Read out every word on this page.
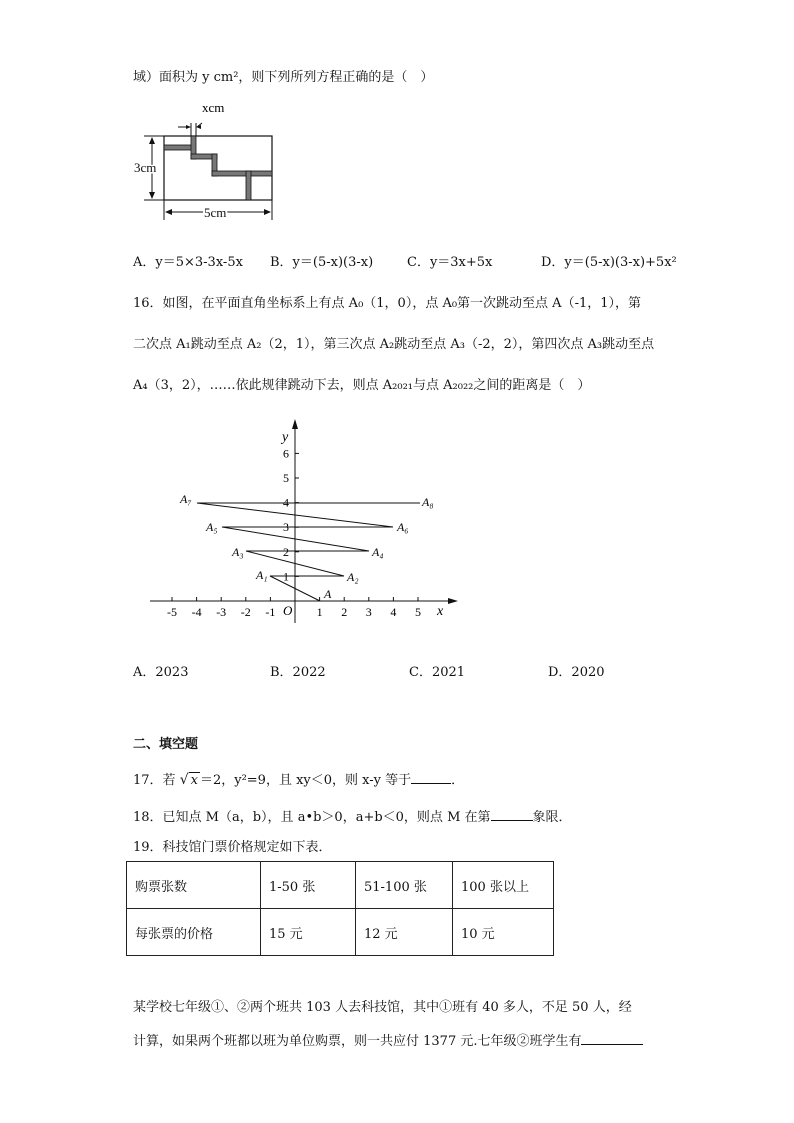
域）面积为 y cm²，则下列所列方程正确的是（　）
xcm
3cm
5cm
A．y＝5×3-3x-5x B．y＝(5-x)(3-x)	C．y＝3x+5x	D．y＝(5-x)(3-x)+5x²
16．如图，在平面直角坐标系上有点 A₀（1，0），点 A₀第一次跳动至点 A（-1，1），第
二次点 A₁跳动至点 A₂（2，1），第三次点 A₂跳动至点 A₃（-2，2），第四次点 A₃跳动至点
A₄（3，2），……依此规律跳动下去，则点 A₂₀₂₁与点 A₂₀₂₂之间的距离是（　）
y
x
O
-5 -4 -3 -2 -1	1 2 3 4 5
1
2
3
4
5
6
A
A₁	A₂
A₃	A₄
A₅	A₆
A₇	A₈
A．2023	B．2022	C．2021	D．2020
二、填空题
17．若 √ x ＝2，y²=9，且 xy＜0，则 x-y 等于	．
18．已知点 M（a，b），且 a•b＞0，a+b＜0，则点 M 在第	象限．
19．科技馆门票价格规定如下表．
购票张数	1-50 张	51-100 张	100 张以上
每张票的价格	15 元	12 元	10 元
某学校七年级①、②两个班共 103 人去科技馆，其中①班有 40 多人，不足 50 人，经
计算，如果两个班都以班为单位购票，则一共应付 1377 元.七年级②班学生有
